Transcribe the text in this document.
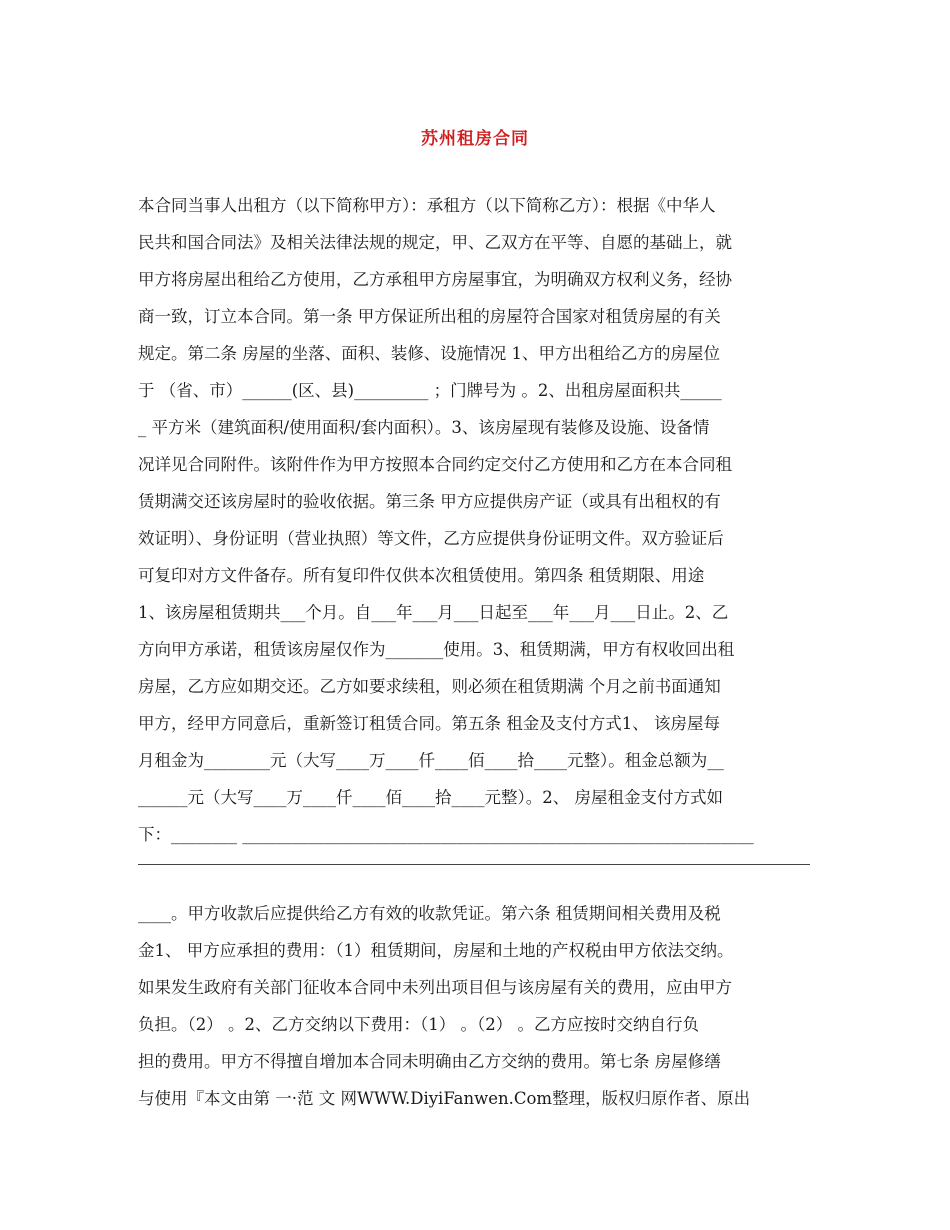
苏州租房合同
本合同当事人出租方（以下简称甲方）：承租方（以下简称乙方）：根据《中华人
民共和国合同法》及相关法律法规的规定，甲、乙双方在平等、自愿的基础上，就
甲方将房屋出租给乙方使用，乙方承租甲方房屋事宜，为明确双方权利义务，经协
商一致，订立本合同。第一条 甲方保证所出租的房屋符合国家对租赁房屋的有关
规定。第二条 房屋的坐落、面积、装修、设施情况 1、甲方出租给乙方的房屋位
于 （省、市）______(区、县)_________ ；门牌号为 。2、出租房屋面积共_____
_ 平方米（建筑面积/使用面积/套内面积）。3、该房屋现有装修及设施、设备情
况详见合同附件。该附件作为甲方按照本合同约定交付乙方使用和乙方在本合同租
赁期满交还该房屋时的验收依据。第三条 甲方应提供房产证（或具有出租权的有
效证明）、身份证明（营业执照）等文件，乙方应提供身份证明文件。双方验证后
可复印对方文件备存。所有复印件仅供本次租赁使用。第四条 租赁期限、用途
1、该房屋租赁期共___个月。自___年___月___日起至___年___月___日止。2、乙
方向甲方承诺，租赁该房屋仅作为_______使用。3、租赁期满，甲方有权收回出租
房屋，乙方应如期交还。乙方如要求续租，则必须在租赁期满 个月之前书面通知
甲方，经甲方同意后，重新签订租赁合同。第五条 租金及支付方式1、 该房屋每
月租金为________元（大写____万____仟____佰____拾____元整）。租金总额为__
______元（大写____万____仟____佰____拾____元整）。2、 房屋租金支付方式如
下：________ ______________________________________________________________
____。甲方收款后应提供给乙方有效的收款凭证。第六条 租赁期间相关费用及税
金1、 甲方应承担的费用：（1）租赁期间，房屋和土地的产权税由甲方依法交纳。
如果发生政府有关部门征收本合同中未列出项目但与该房屋有关的费用，应由甲方
负担。（2） 。2、乙方交纳以下费用：（1） 。（2） 。乙方应按时交纳自行负
担的费用。甲方不得擅自增加本合同未明确由乙方交纳的费用。第七条 房屋修缮
与使用『本文由第 一·范 文 网WWW.DiyiFanwen.Com整理，版权归原作者、原出
